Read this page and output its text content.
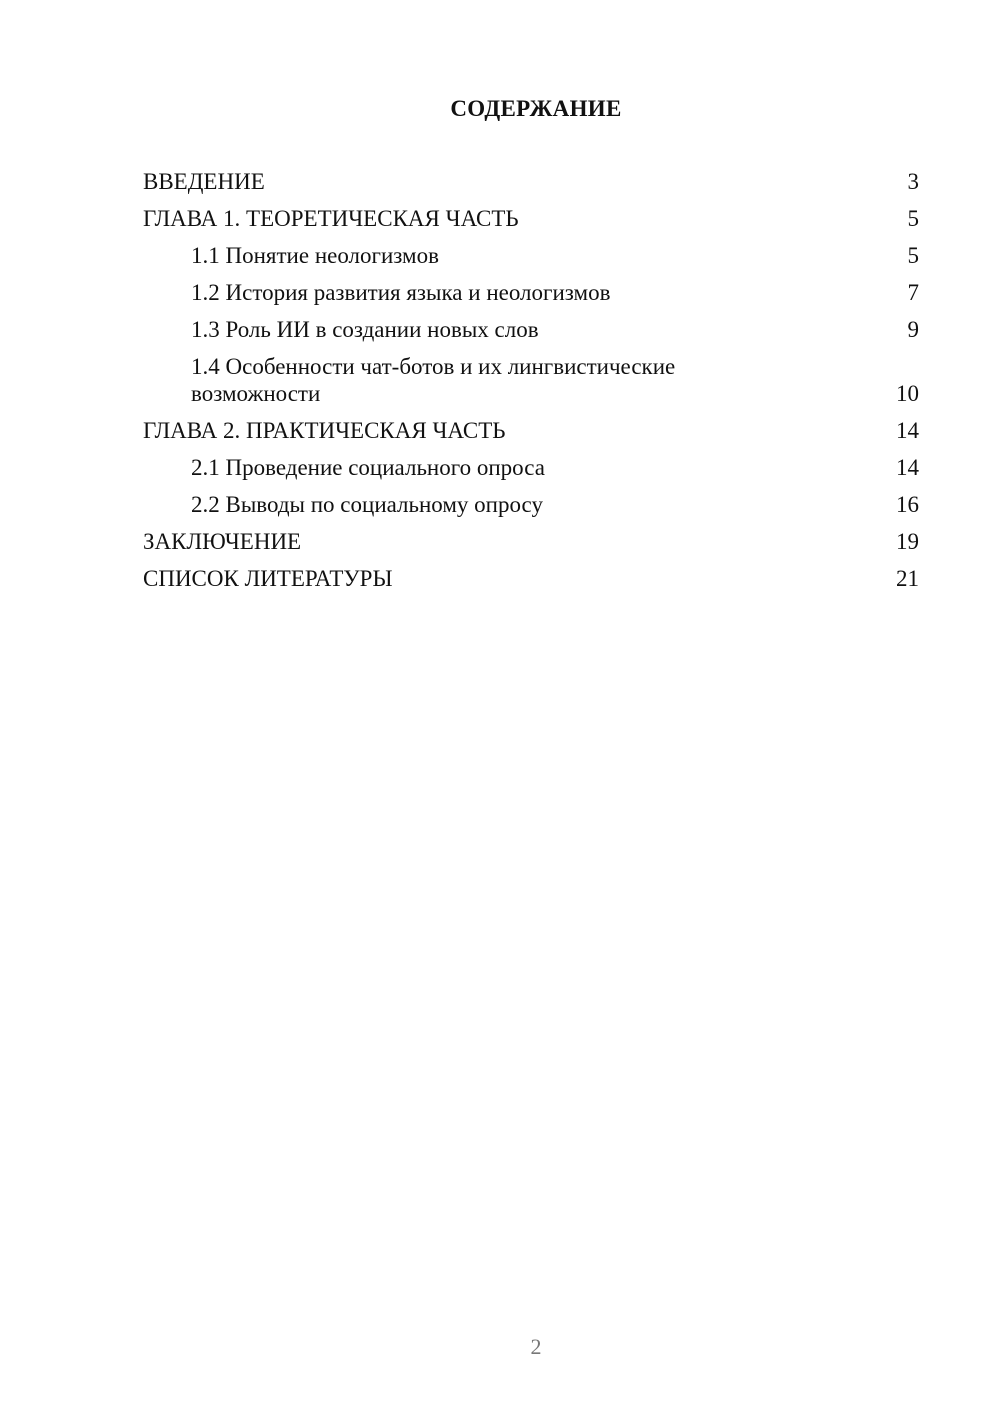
СОДЕРЖАНИЕ
ВВЕДЕНИЕ	3
ГЛАВА 1. ТЕОРЕТИЧЕСКАЯ ЧАСТЬ	5
1.1 Понятие неологизмов	5
1.2 История развития языка и неологизмов	7
1.3 Роль ИИ в создании новых слов	9
1.4 Особенности чат-ботов и их лингвистические возможности	10
ГЛАВА 2. ПРАКТИЧЕСКАЯ ЧАСТЬ	14
2.1 Проведение социального опроса	14
2.2 Выводы по социальному опросу	16
ЗАКЛЮЧЕНИЕ	19
СПИСОК ЛИТЕРАТУРЫ	21
2
